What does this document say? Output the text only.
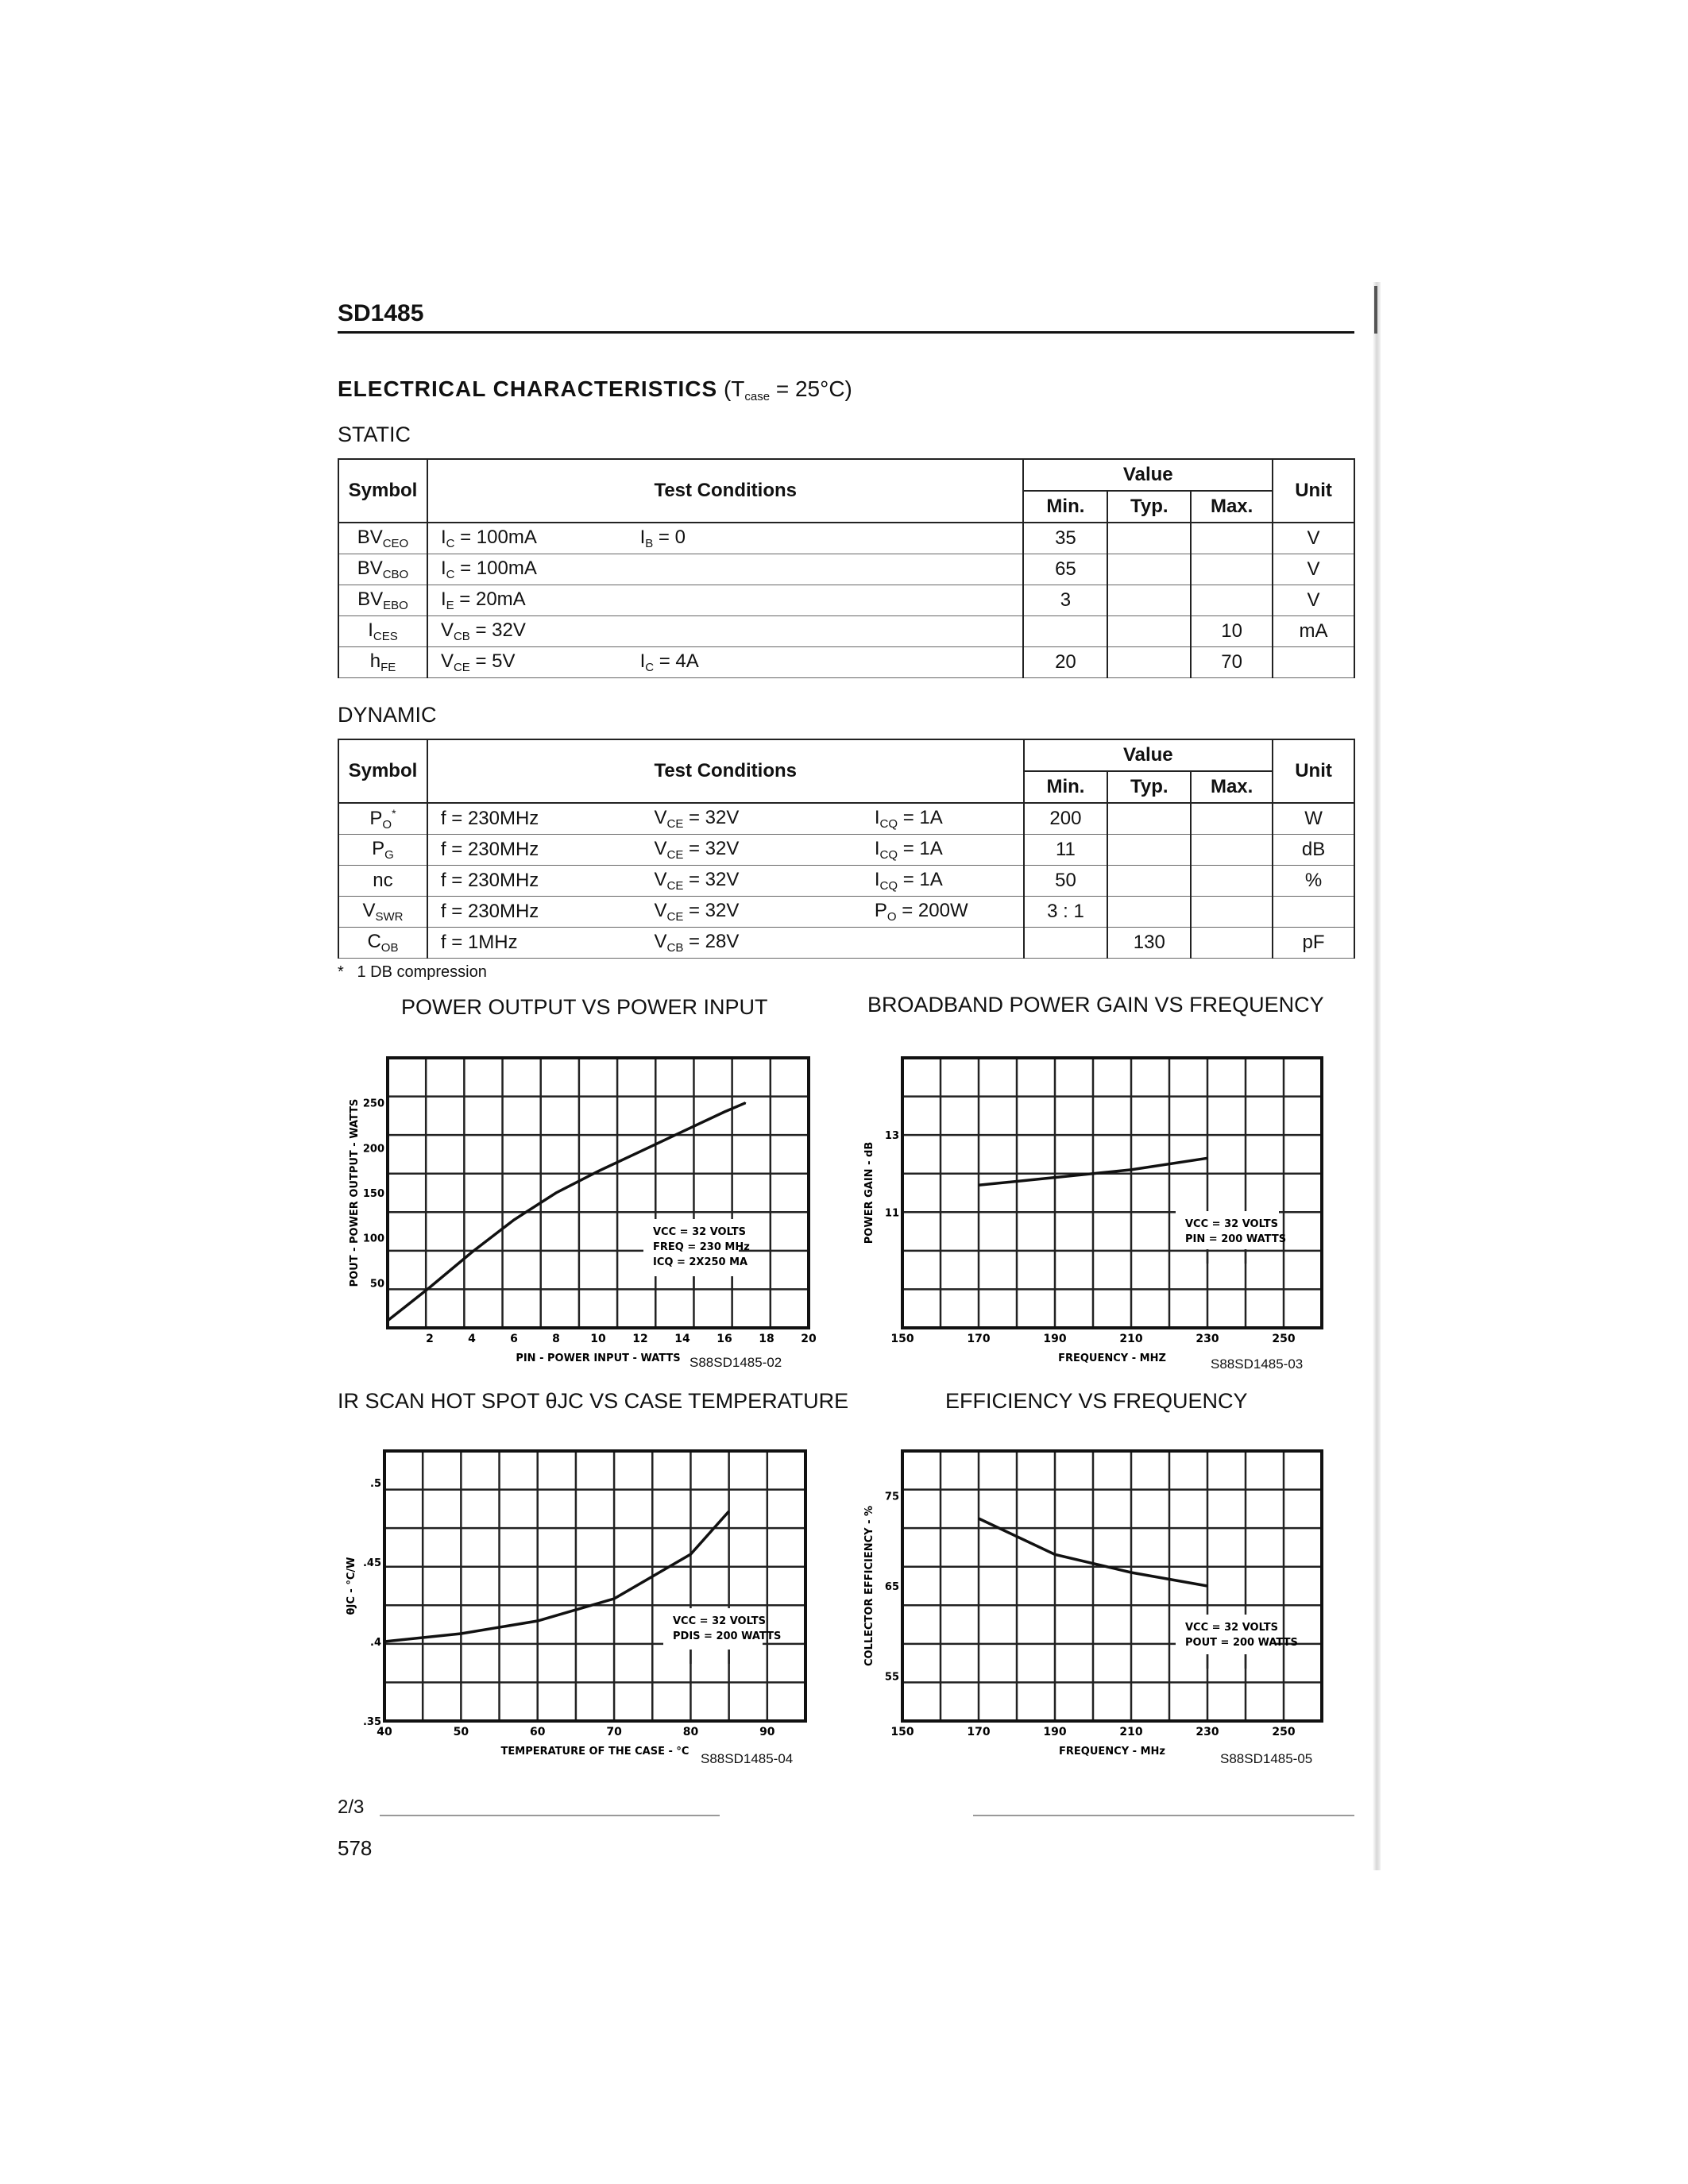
SD1485
ELECTRICAL CHARACTERISTICS $(T_{case} = 25^\circ C)$
STATIC
Symbol	Test Conditions		Value			Unit
			Min.	Typ.	Max.	
$BV_{CEO}$	$I_C = 100mA$	$I_B = 0$	35			V
$BV_{CBO}$	$I_C = 100mA$		65			V
$BV_{EBO}$	$I_E = 20mA$		3			V
$I_{CES}$	$V_{CB} = 32V$				10	mA
$h_{FE}$	$V_{CE} = 5V$	$I_C = 4A$	20		70	
DYNAMIC
Symbol	Test Conditions			Value			Unit
				Min.	Typ.	Max.	
$P_O^*$	f = 230MHz	$V_{CE} = 32V$	$I_{CQ} = 1A$	200			W
$P_G$	f = 230MHz	$V_{CE} = 32V$	$I_{CQ} = 1A$	11			dB
nc	f = 230MHz	$V_{CE} = 32V$	$I_{CQ} = 1A$	50			%
$V_{SWR}$	f = 230MHz	$V_{CE} = 32V$	$P_O = 200W$	3 : 1			
$C_{OB}$	f = 1MHz	$V_{CB} = 28V$			130		pF
* 1 DB compression
POWER OUTPUT VS POWER INPUT	BROADBAND POWER GAIN VS FREQUENCY
IR SCAN HOT SPOT θJC VS CASE TEMPERATURE	EFFICIENCY VS FREQUENCY
VCC = 32 VOLTS
FREQ = 230 MHz
ICQ = 2X250 MA
2	4	6	8	10 12 14 16 18 20
50
100
150
200
250
PIN - POWER INPUT - WATTS
POUT - POWER OUTPUT - WATTS	VCC = 32 VOLTS
PIN = 200 WATTS
150	170	190	210	230	250
11
13
FREQUENCY - MHZ
POWER GAIN - dB
VCC = 32 VOLTS
PDIS = 200 WATTS
40	50	60	70	80	90
.35
.4
.45
.5
TEMPERATURE OF THE CASE - °C
θJC - °C/W
VCC = 32 VOLTS
POUT = 200 WATTS
150	170	190	210	230	250
55
65
75
FREQUENCY - MHz
COLLECTOR EFFICIENCY - %
S88SD1485-02	S88SD1485-03
S88SD1485-04	S88SD1485-05
2/3
578
